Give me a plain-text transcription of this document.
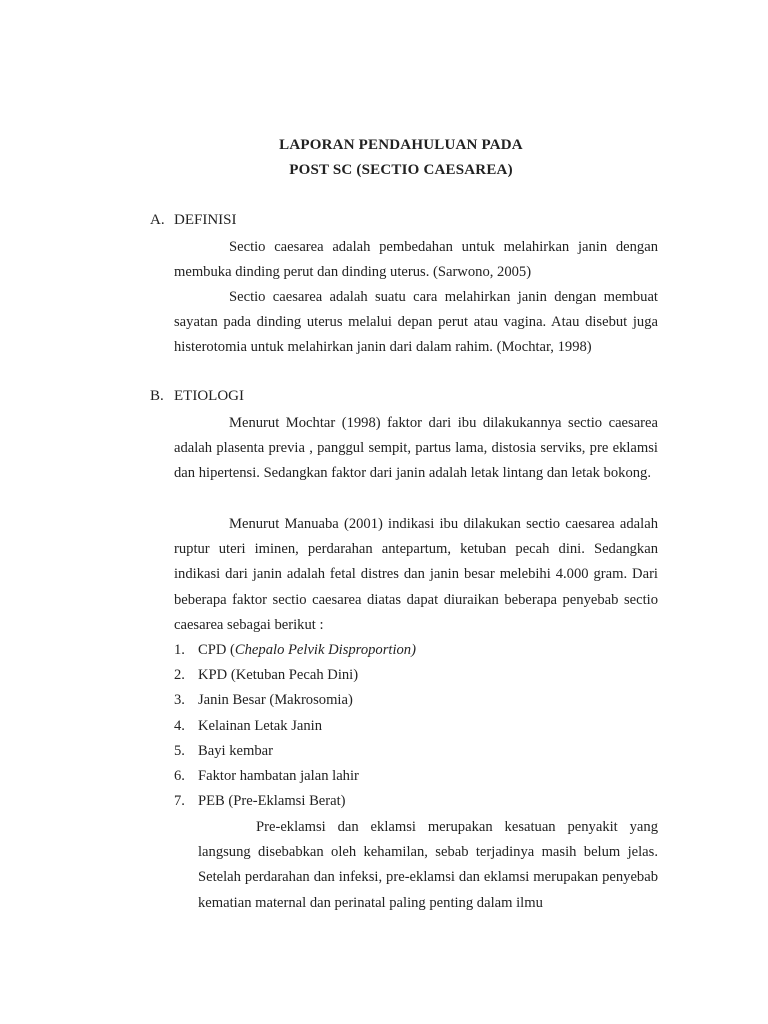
LAPORAN PENDAHULUAN PADA
POST SC (SECTIO CAESAREA)
A. DEFINISI

Sectio caesarea adalah pembedahan untuk melahirkan janin dengan membuka dinding perut dan dinding uterus. (Sarwono, 2005)

Sectio caesarea adalah suatu cara melahirkan janin dengan membuat sayatan pada dinding uterus melalui depan perut atau vagina. Atau disebut juga histerotomia untuk melahirkan janin dari dalam rahim. (Mochtar, 1998)

B. ETIOLOGI

Menurut Mochtar (1998) faktor dari ibu dilakukannya sectio caesarea adalah plasenta previa , panggul sempit, partus lama, distosia serviks, pre eklamsi dan hipertensi. Sedangkan faktor dari janin adalah letak lintang dan letak bokong.

Menurut Manuaba (2001) indikasi ibu dilakukan sectio caesarea adalah ruptur uteri iminen, perdarahan antepartum, ketuban pecah dini. Sedangkan indikasi dari janin adalah fetal distres dan janin besar melebihi 4.000 gram. Dari beberapa faktor sectio caesarea diatas dapat diuraikan beberapa penyebab sectio caesarea sebagai berikut :

1. CPD (Chepalo Pelvik Disproportion)
2. KPD (Ketuban Pecah Dini)
3. Janin Besar (Makrosomia)
4. Kelainan Letak Janin
5. Bayi kembar
6. Faktor hambatan jalan lahir
7. PEB (Pre-Eklamsi Berat)

Pre-eklamsi dan eklamsi merupakan kesatuan penyakit yang langsung disebabkan oleh kehamilan, sebab terjadinya masih belum jelas. Setelah perdarahan dan infeksi, pre-eklamsi dan eklamsi merupakan penyebab kematian maternal dan perinatal paling penting dalam ilmu
